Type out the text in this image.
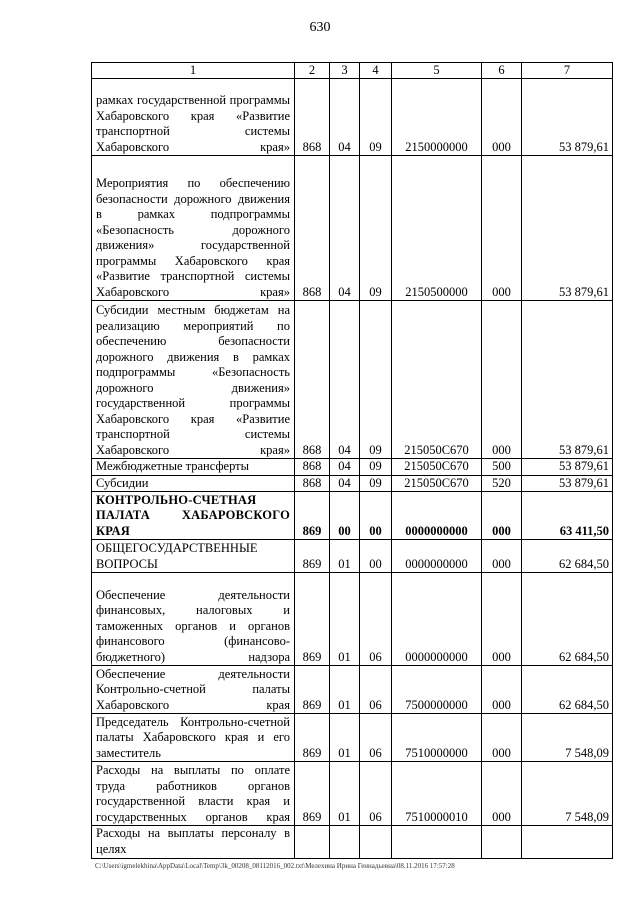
630
1	2	3	4	5	6	7
рамках государственной программы Хабаровского края «Развитие транспортной системы Хабаровского края»	868	04	09	2150000000	000	53 879,61
Мероприятия по обеспечению безопасности дорожного движения в рамках подпрограммы «Безопасность дорожного движения» государственной программы Хабаровского края «Развитие транспортной системы Хабаровского края»	868	04	09	2150500000	000	53 879,61
Субсидии местным бюджетам на реализацию мероприятий по обеспечению безопасности дорожного движения в рамках подпрограммы «Безопасность дорожного движения» государственной программы Хабаровского края «Развитие транспортной системы Хабаровского края»	868	04	09	215050С670	000	53 879,61
Межбюджетные трансферты	868	04	09	215050С670	500	53 879,61
Субсидии	868	04	09	215050С670	520	53 879,61
КОНТРОЛЬНО-СЧЕТНАЯ ПАЛАТА ХАБАРОВСКОГО КРАЯ	869	00	00	0000000000	000	63 411,50
ОБЩЕГОСУДАРСТВЕННЫЕ ВОПРОСЫ	869	01	00	0000000000	000	62 684,50
Обеспечение деятельности финансовых, налоговых и таможенных органов и органов финансового (финансово-бюджетного) надзора	869	01	06	0000000000	000	62 684,50
Обеспечение деятельности Контрольно-счетной палаты Хабаровского края	869	01	06	7500000000	000	62 684,50
Председатель Контрольно-счетной палаты Хабаровского края и его заместитель	869	01	06	7510000000	000	7 548,09
Расходы на выплаты по оплате труда работников органов государственной власти края и государственных органов края	869	01	06	7510000010	000	7 548,09
Расходы на выплаты персоналу в целях						
C:\Users\igmelekhina\AppData\Local\Temp\3k_00208_08112016_002.txt\Мелехина Ирина Геннадьевна\08.11.2016 17:57:28
